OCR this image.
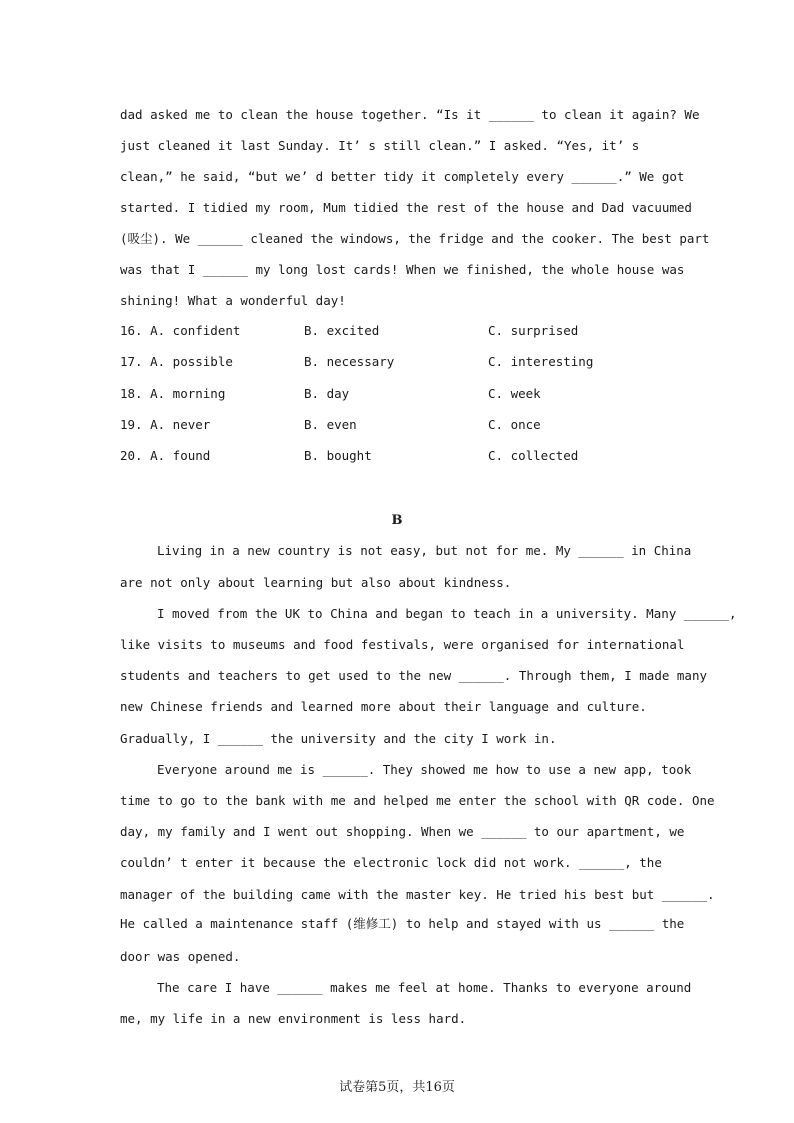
dad asked me to clean the house together. “Is it ______ to clean it again? We
just cleaned it last Sunday. It’ s still clean.” I asked. “Yes, it’ s
clean,” he said, “but we’ d better tidy it completely every ______.” We got
started. I tidied my room, Mum tidied the rest of the house and Dad vacuumed
(吸尘). We ______ cleaned the windows, the fridge and the cooker. The best part
was that I ______ my long lost cards! When we finished, the whole house was
shining! What a wonderful day!

16. A. confident

	B. excited

	C. surprised

17. A. possible

	B. necessary

	C. interesting

18. A. morning

	B. day

	C. week

19. A. never

	B. even

	C. once

20. A. found

	B. bought

	C. collected

B
Living in a new country is not easy, but not for me. My ______ in China
are not only about learning but also about kindness.
I moved from the UK to China and began to teach in a university. Many ______,
like visits to museums and food festivals, were organised for international
students and teachers to get used to the new ______. Through them, I made many
new Chinese friends and learned more about their language and culture.
Gradually, I ______ the university and the city I work in.
Everyone around me is ______. They showed me how to use a new app, took
time to go to the bank with me and helped me enter the school with QR code. One
day, my family and I went out shopping. When we ______ to our apartment, we
couldn’ t enter it because the electronic lock did not work. ______, the
manager of the building came with the master key. He tried his best but ______.
He called a maintenance staff (维修工) to help and stayed with us ______ the
door was opened.
The care I have ______ makes me feel at home. Thanks to everyone around
me, my life in a new environment is less hard.
试卷第5页，共16页
